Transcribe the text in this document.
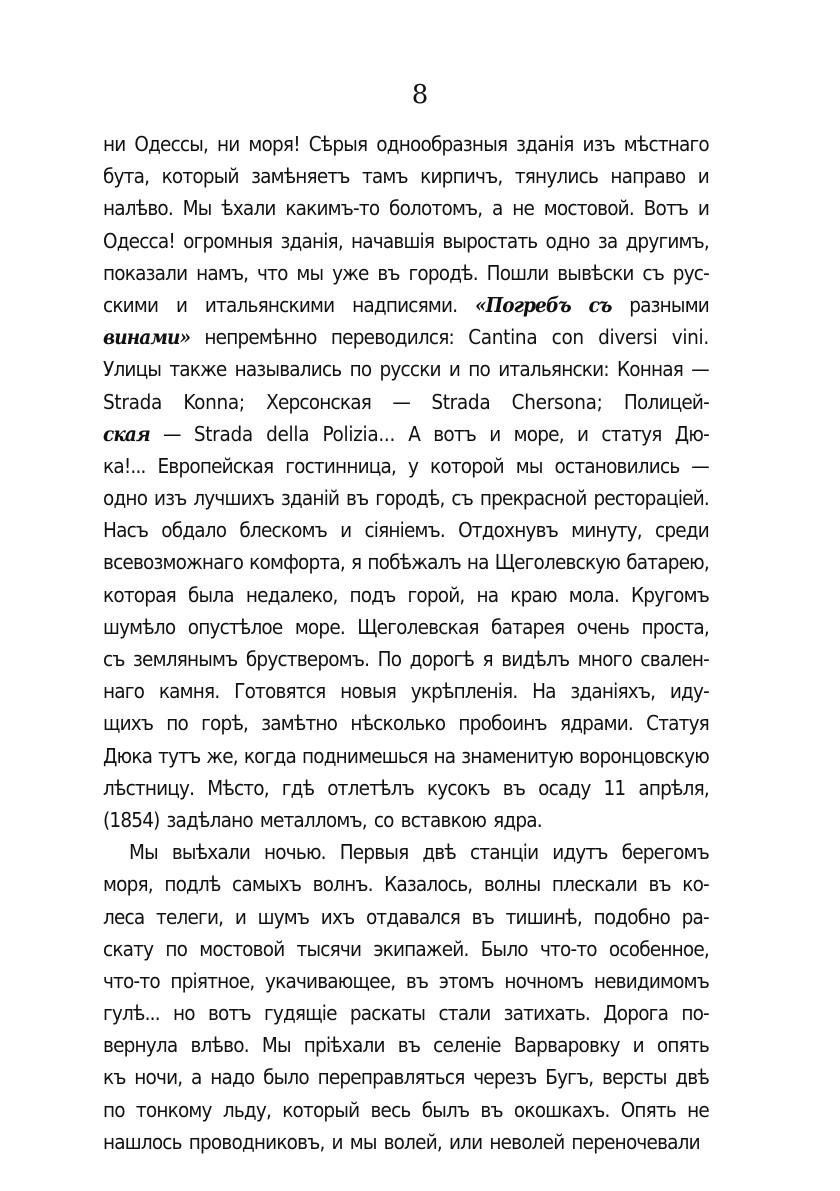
8
ни Одессы, ни моря! Сѣрыя однообразныя зданія изъ мѣстнаго
бута, который замѣняетъ тамъ кирпичъ, тянулись направо и
налѣво. Мы ѣхали какимъ-то болотомъ, а не мостовой. Вотъ и
Одесса! огромныя зданія, начавшія выростать одно за другимъ,
показали намъ, что мы уже въ городѣ. Пошли вывѣски съ рус-
скими и итальянскими надписями. «Погребъ съ разными
винами» непремѣнно переводился: Cantina con diversi vini.
Улицы также назывались по русски и по итальянски: Конная —
Strada Konna; Херсонская — Strada Chersona; Полицей-
ская — Strada della Polizia... А вотъ и море, и статуя Дю-
ка!... Европейская гостинница, у которой мы остановились —
одно изъ лучшихъ зданій въ городѣ, съ прекрасной ресторацiей.
Насъ обдало блескомъ и сіяніемъ. Отдохнувъ минуту, среди
всевозможнаго комфорта, я побѣжалъ на Щеголевскую батарею,
которая была недалеко, подъ горой, на краю мола. Кругомъ
шумѣло опустѣлое море. Щеголевская батарея очень проста,
съ землянымъ брустверомъ. По дорогѣ я видѣлъ много свален-
наго камня. Готовятся новыя укрѣпленія. На зданіяхъ, иду-
щихъ по горѣ, замѣтно нѣсколько пробоинъ ядрами. Статуя
Дюка тутъ же, когда поднимешься на знаменитую воронцовскую
лѣстницу. Мѣсто, гдѣ отлетѣлъ кусокъ въ осаду 11 апрѣля,
(1854) задѣлано металломъ, со вставкою ядра.
Мы выѣхали ночью. Первыя двѣ станціи идутъ берегомъ
моря, подлѣ самыхъ волнъ. Казалось, волны плескали въ ко-
леса телеги, и шумъ ихъ отдавался въ тишинѣ, подобно ра-
скату по мостовой тысячи экипажей. Было что-то особенное,
что-то пріятное, укачивающее, въ этомъ ночномъ невидимомъ
гулѣ... но вотъ гудящіе раскаты стали затихать. Дорога по-
вернула влѣво. Мы пріѣхали въ селеніе Варваровку и опять
къ ночи, а надо было переправляться черезъ Бугъ, версты двѣ
по тонкому льду, который весь былъ въ окошкахъ. Опять не
нашлось проводниковъ, и мы волей, или неволей переночевали
